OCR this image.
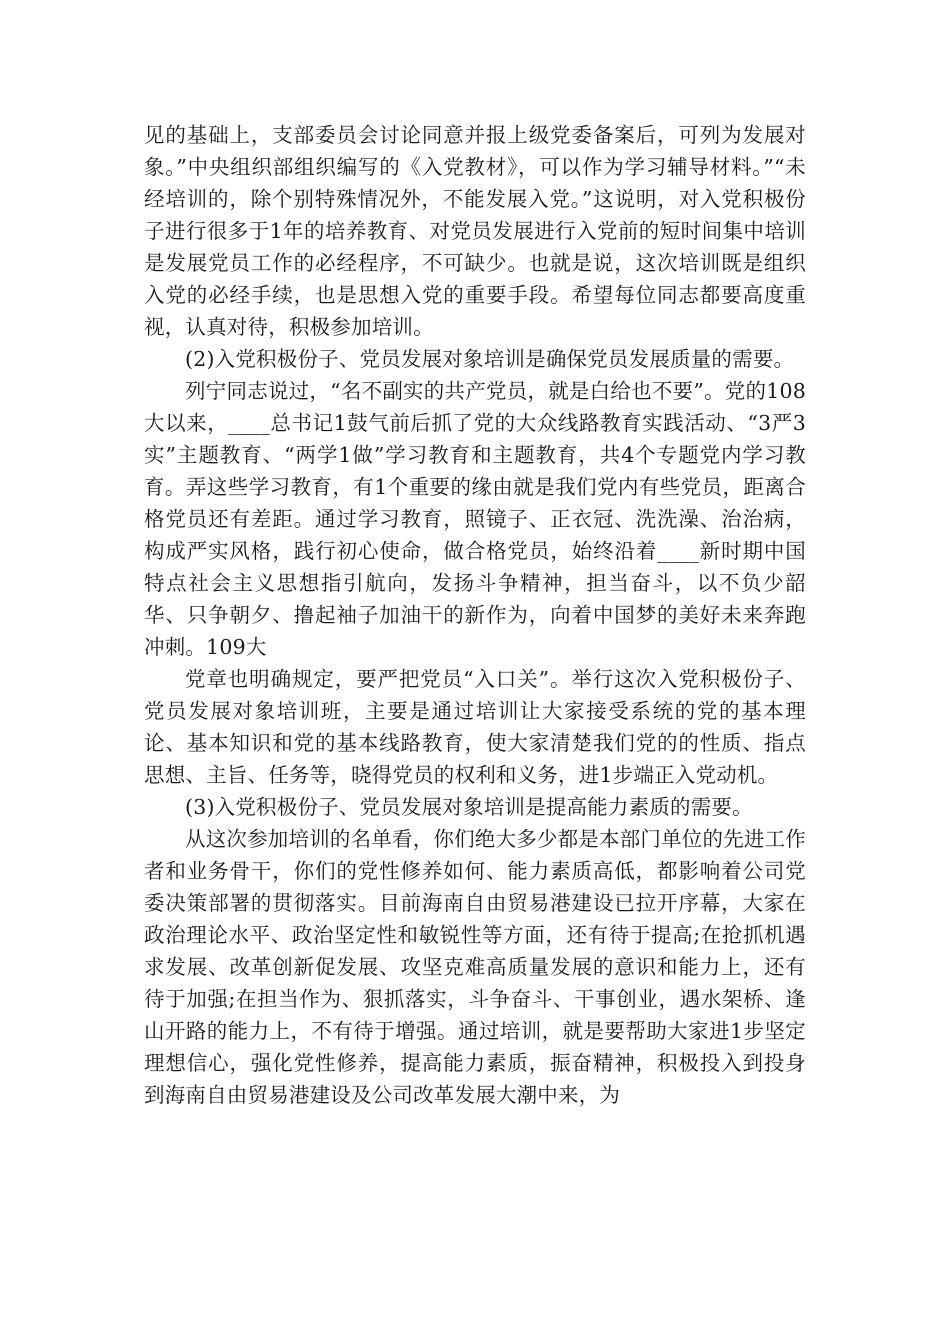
见的基础上，支部委员会讨论同意并报上级党委备案后，可列为发展对象。”中央组织部组织编写的《入党教材》，可以作为学习辅导材料。”“未经培训的，除个别特殊情况外，不能发展入党。”这说明，对入党积极份子进行很多于1年的培养教育、对党员发展进行入党前的短时间集中培训是发展党员工作的必经程序，不可缺少。也就是说，这次培训既是组织入党的必经手续，也是思想入党的重要手段。希望每位同志都要高度重视，认真对待，积极参加培训。

(2)入党积极份子、党员发展对象培训是确保党员发展质量的需要。

列宁同志说过，“名不副实的共产党员，就是白给也不要”。党的108大以来，____总书记1鼓气前后抓了党的大众线路教育实践活动、“3严3实”主题教育、“两学1做”学习教育和主题教育，共4个专题党内学习教育。弄这些学习教育，有1个重要的缘由就是我们党内有些党员，距离合格党员还有差距。通过学习教育，照镜子、正衣冠、洗洗澡、治治病，构成严实风格，践行初心使命，做合格党员，始终沿着____新时期中国特点社会主义思想指引航向，发扬斗争精神，担当奋斗，以不负少韶华、只争朝夕、撸起袖子加油干的新作为，向着中国梦的美好未来奔跑冲刺。109大

党章也明确规定，要严把党员“入口关”。举行这次入党积极份子、党员发展对象培训班，主要是通过培训让大家接受系统的党的基本理论、基本知识和党的基本线路教育，使大家清楚我们党的的性质、指点思想、主旨、任务等，晓得党员的权利和义务，进1步端正入党动机。

(3)入党积极份子、党员发展对象培训是提高能力素质的需要。

从这次参加培训的名单看，你们绝大多少都是本部门单位的先进工作者和业务骨干，你们的党性修养如何、能力素质高低，都影响着公司党委决策部署的贯彻落实。目前海南自由贸易港建设已拉开序幕，大家在政治理论水平、政治坚定性和敏锐性等方面，还有待于提高;在抢抓机遇求发展、改革创新促发展、攻坚克难高质量发展的意识和能力上，还有待于加强;在担当作为、狠抓落实，斗争奋斗、干事创业，遇水架桥、逢山开路的能力上，不有待于增强。通过培训，就是要帮助大家进1步坚定理想信心，强化党性修养，提高能力素质，振奋精神，积极投入到投身到海南自由贸易港建设及公司改革发展大潮中来，为
